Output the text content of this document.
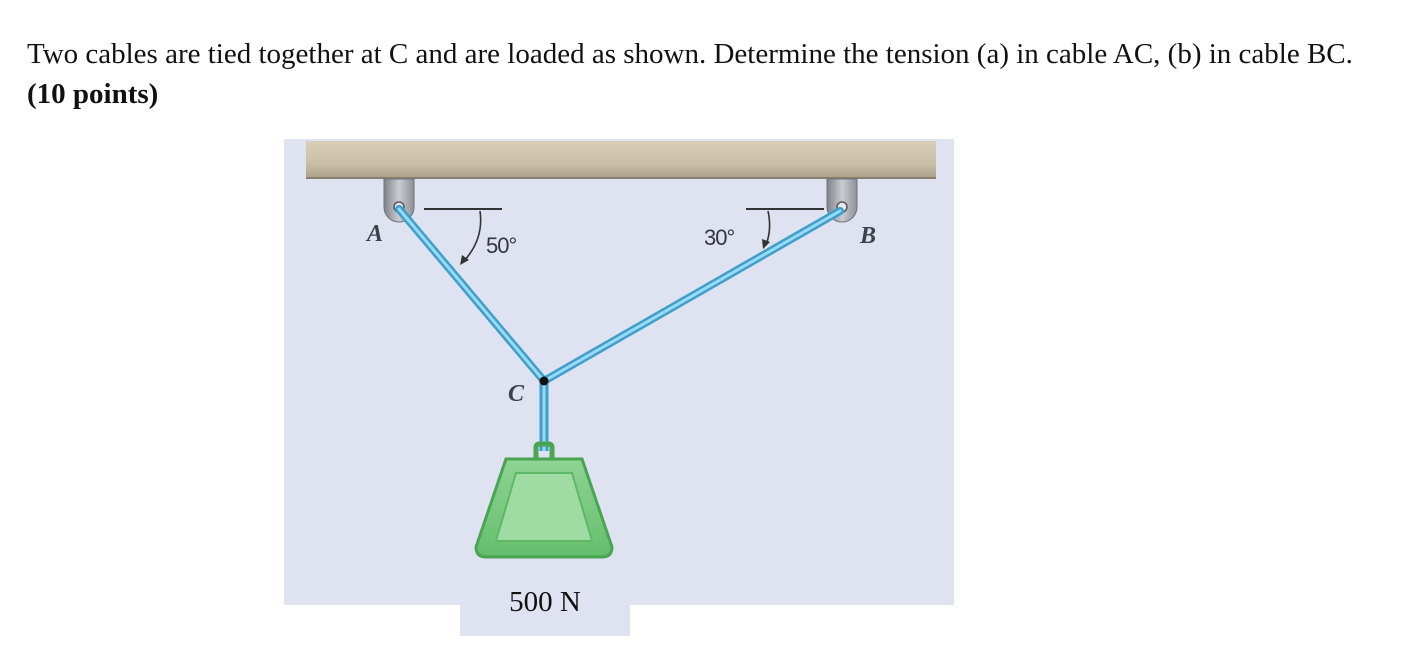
Two cables are tied together at C and are loaded as shown. Determine the tension (a) in cable AC, (b) in cable BC. (10 points)

A	B
C
50°	30°
500 N
